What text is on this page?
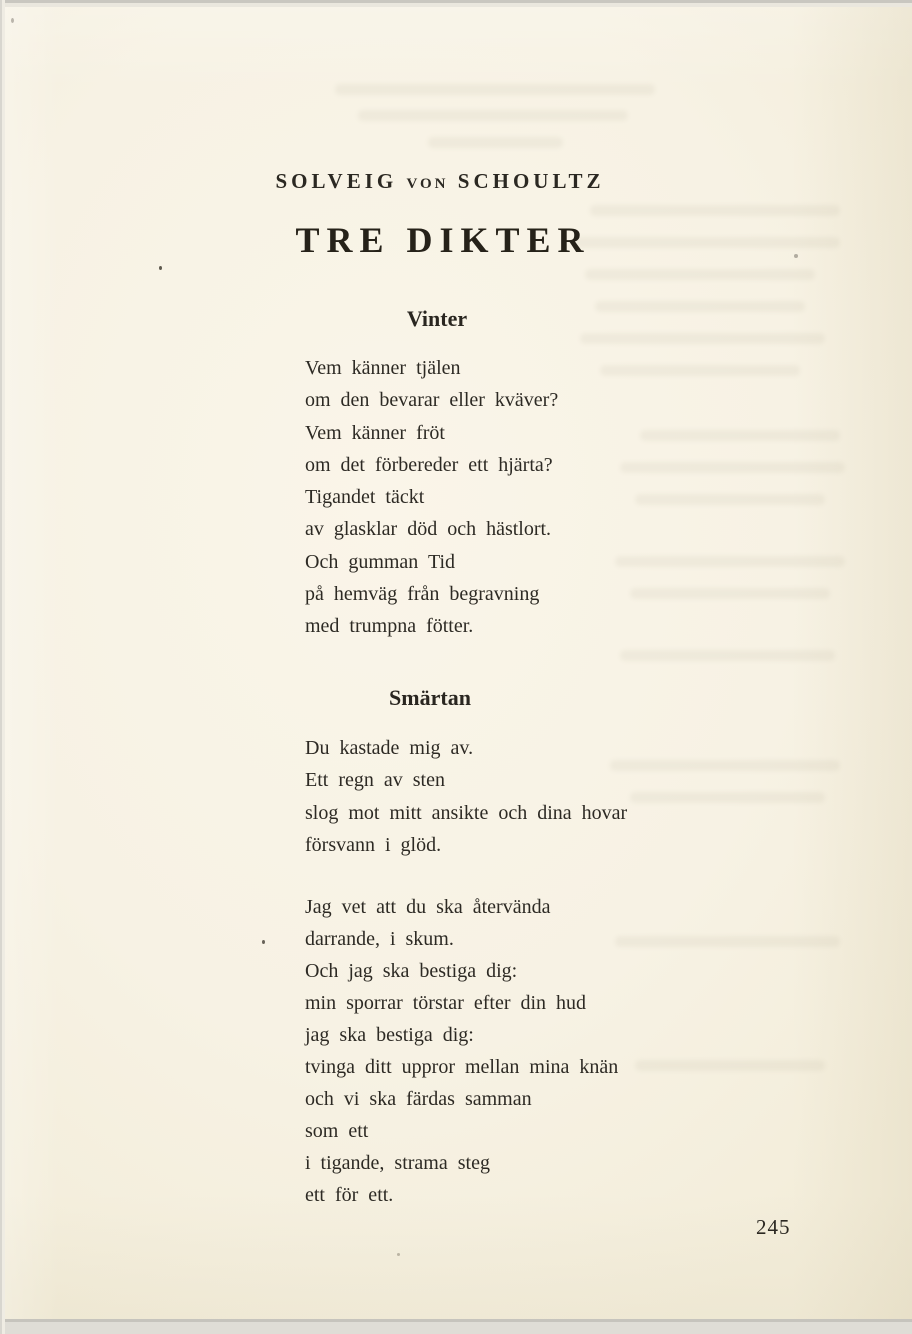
SOLVEIG VON SCHOULTZ
TRE DIKTER
Vinter
Vem känner tjälen
om den bevarar eller kväver?
Vem känner fröt
om det förbereder ett hjärta?
Tigandet täckt
av glasklar död och hästlort.
Och gumman Tid
på hemväg från begravning
med trumpna fötter.
Smärtan
Du kastade mig av.
Ett regn av sten
slog mot mitt ansikte och dina hovar
försvann i glöd.
Jag vet att du ska återvända
darrande, i skum.
Och jag ska bestiga dig:
min sporrar törstar efter din hud
jag ska bestiga dig:
tvinga ditt uppror mellan mina knän
och vi ska färdas samman
som ett
i tigande, strama steg
ett för ett.
245
